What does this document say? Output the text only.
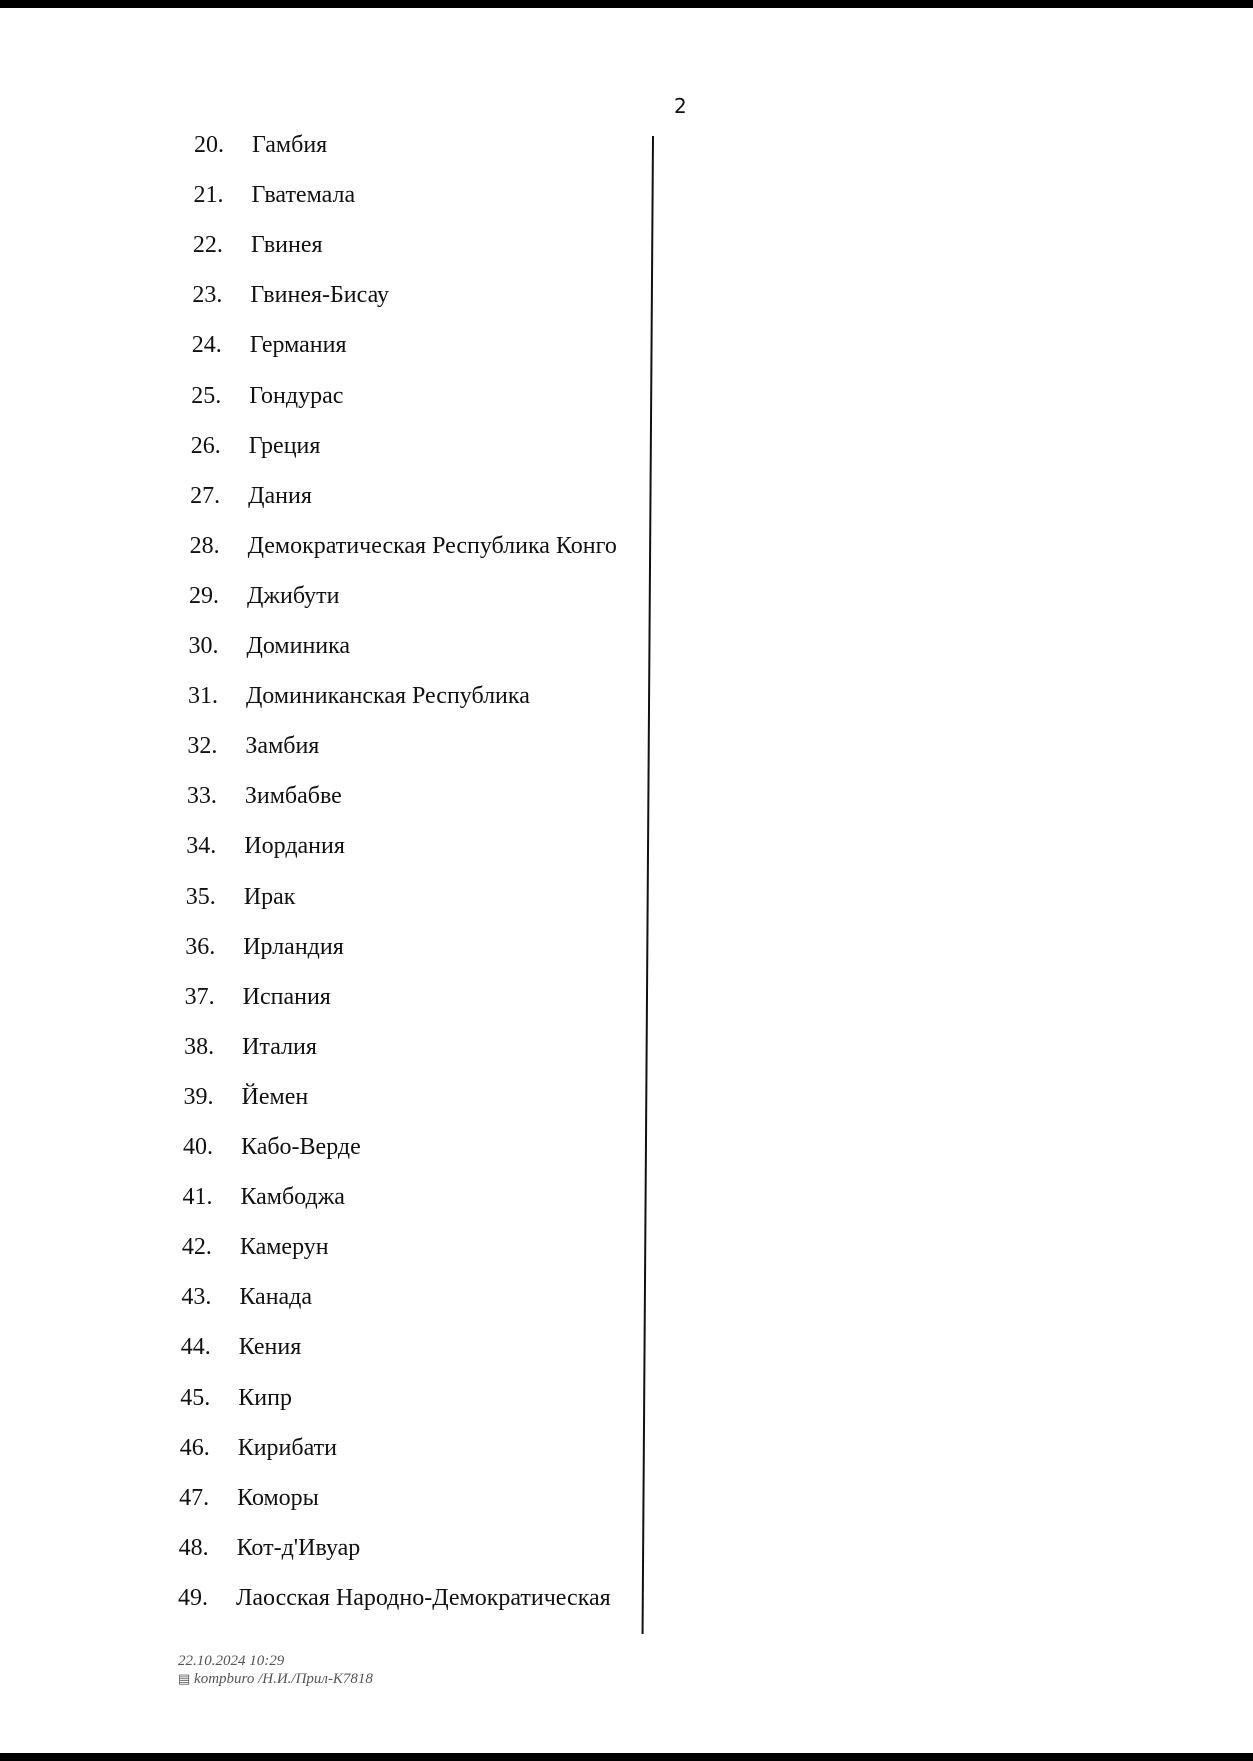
2
20. Гамбия
21. Гватемала
22. Гвинея
23. Гвинея-Бисау
24. Германия
25. Гондурас
26. Греция
27. Дания
28. Демократическая Республика Конго
29. Джибути
30. Доминика
31. Доминиканская Республика
32. Замбия
33. Зимбабве
34. Иордания
35. Ирак
36. Ирландия
37. Испания
38. Италия
39. Йемен
40. Кабо-Верде
41. Камбоджа
42. Камерун
43. Канада
44. Кения
45. Кипр
46. Кирибати
47. Коморы
48. Кот-д'Ивуар
49. Лаосская Народно-Демократическая
22.10.2024 10:29
▤ kompburo /Н.И./Прил-К7818
